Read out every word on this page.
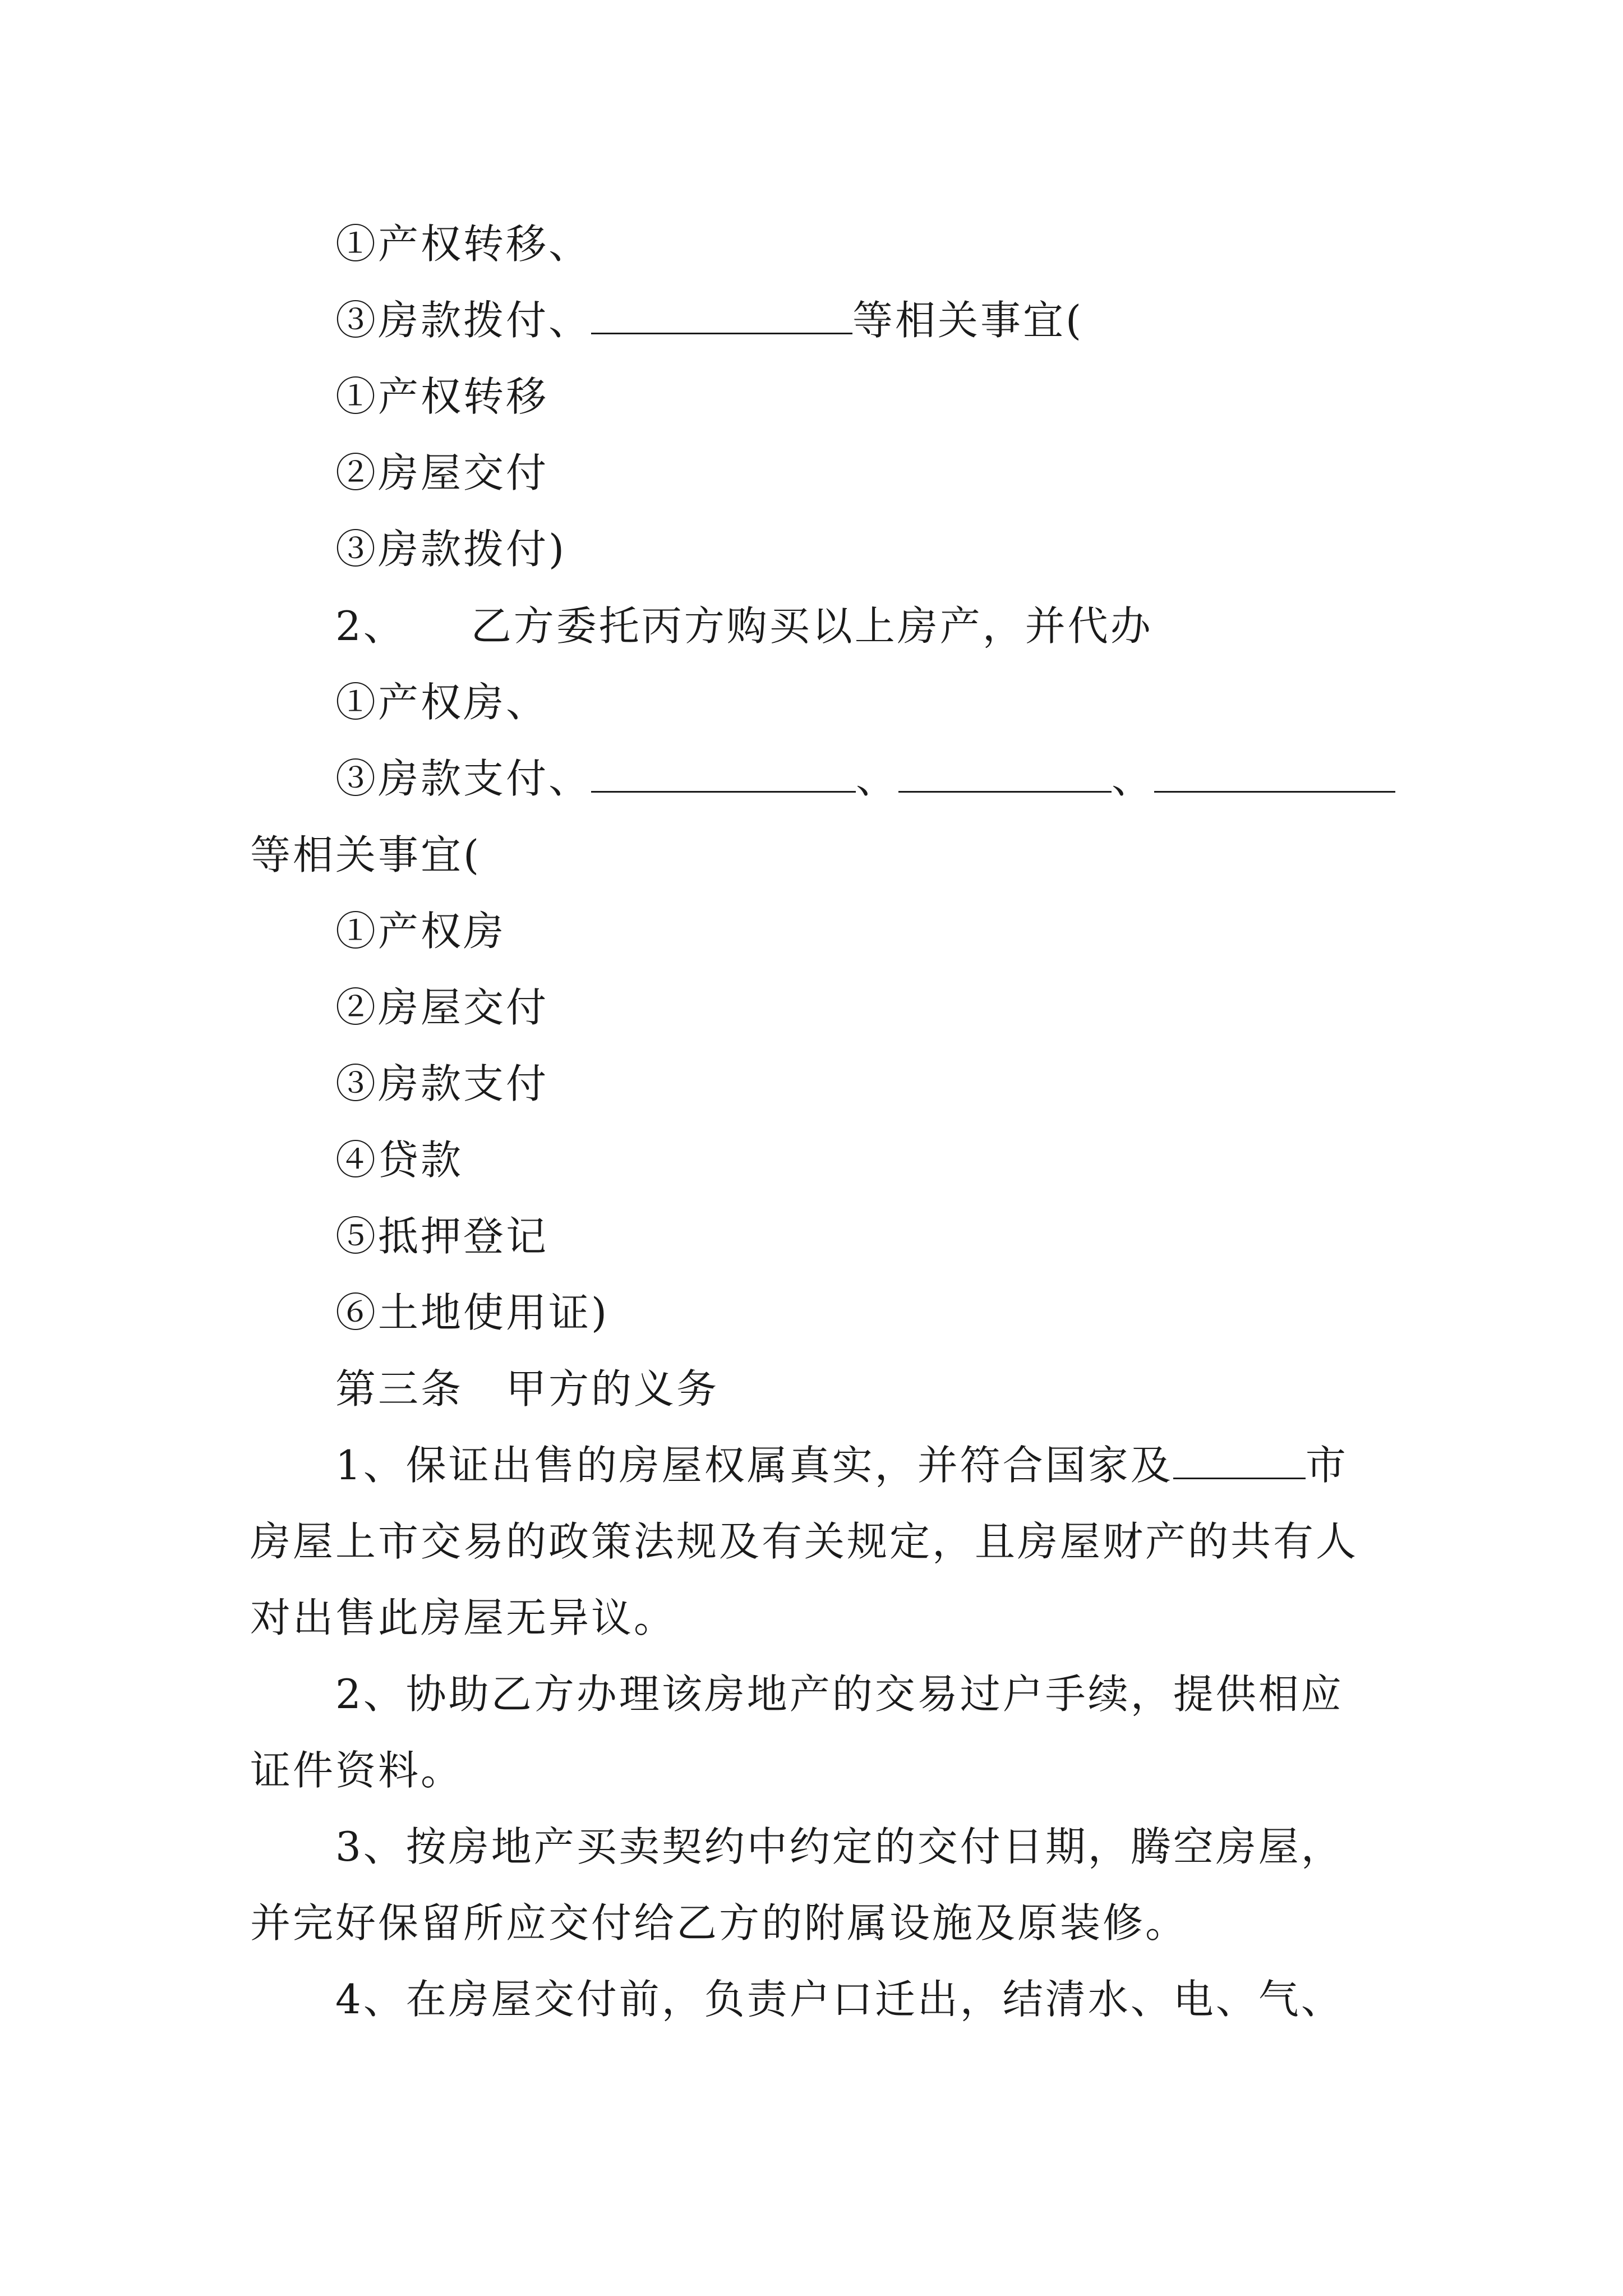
①产权转移、
③房款拨付、	等相关事宜(
①产权转移
②房屋交付
③房款拨付)
2、　　乙方委托丙方购买以上房产，并代办
①产权房、
③房款支付、	、	、
等相关事宜(
①产权房
②房屋交付
③房款支付
④贷款
⑤抵押登记
⑥土地使用证)
第三条　甲方的义务
1、保证出售的房屋权属真实，并符合国家及	市
房屋上市交易的政策法规及有关规定，且房屋财产的共有人
对出售此房屋无异议。
2、协助乙方办理该房地产的交易过户手续，提供相应
证件资料。
3、按房地产买卖契约中约定的交付日期，腾空房屋，
并完好保留所应交付给乙方的附属设施及原装修。
4、在房屋交付前，负责户口迁出，结清水、电、气、
